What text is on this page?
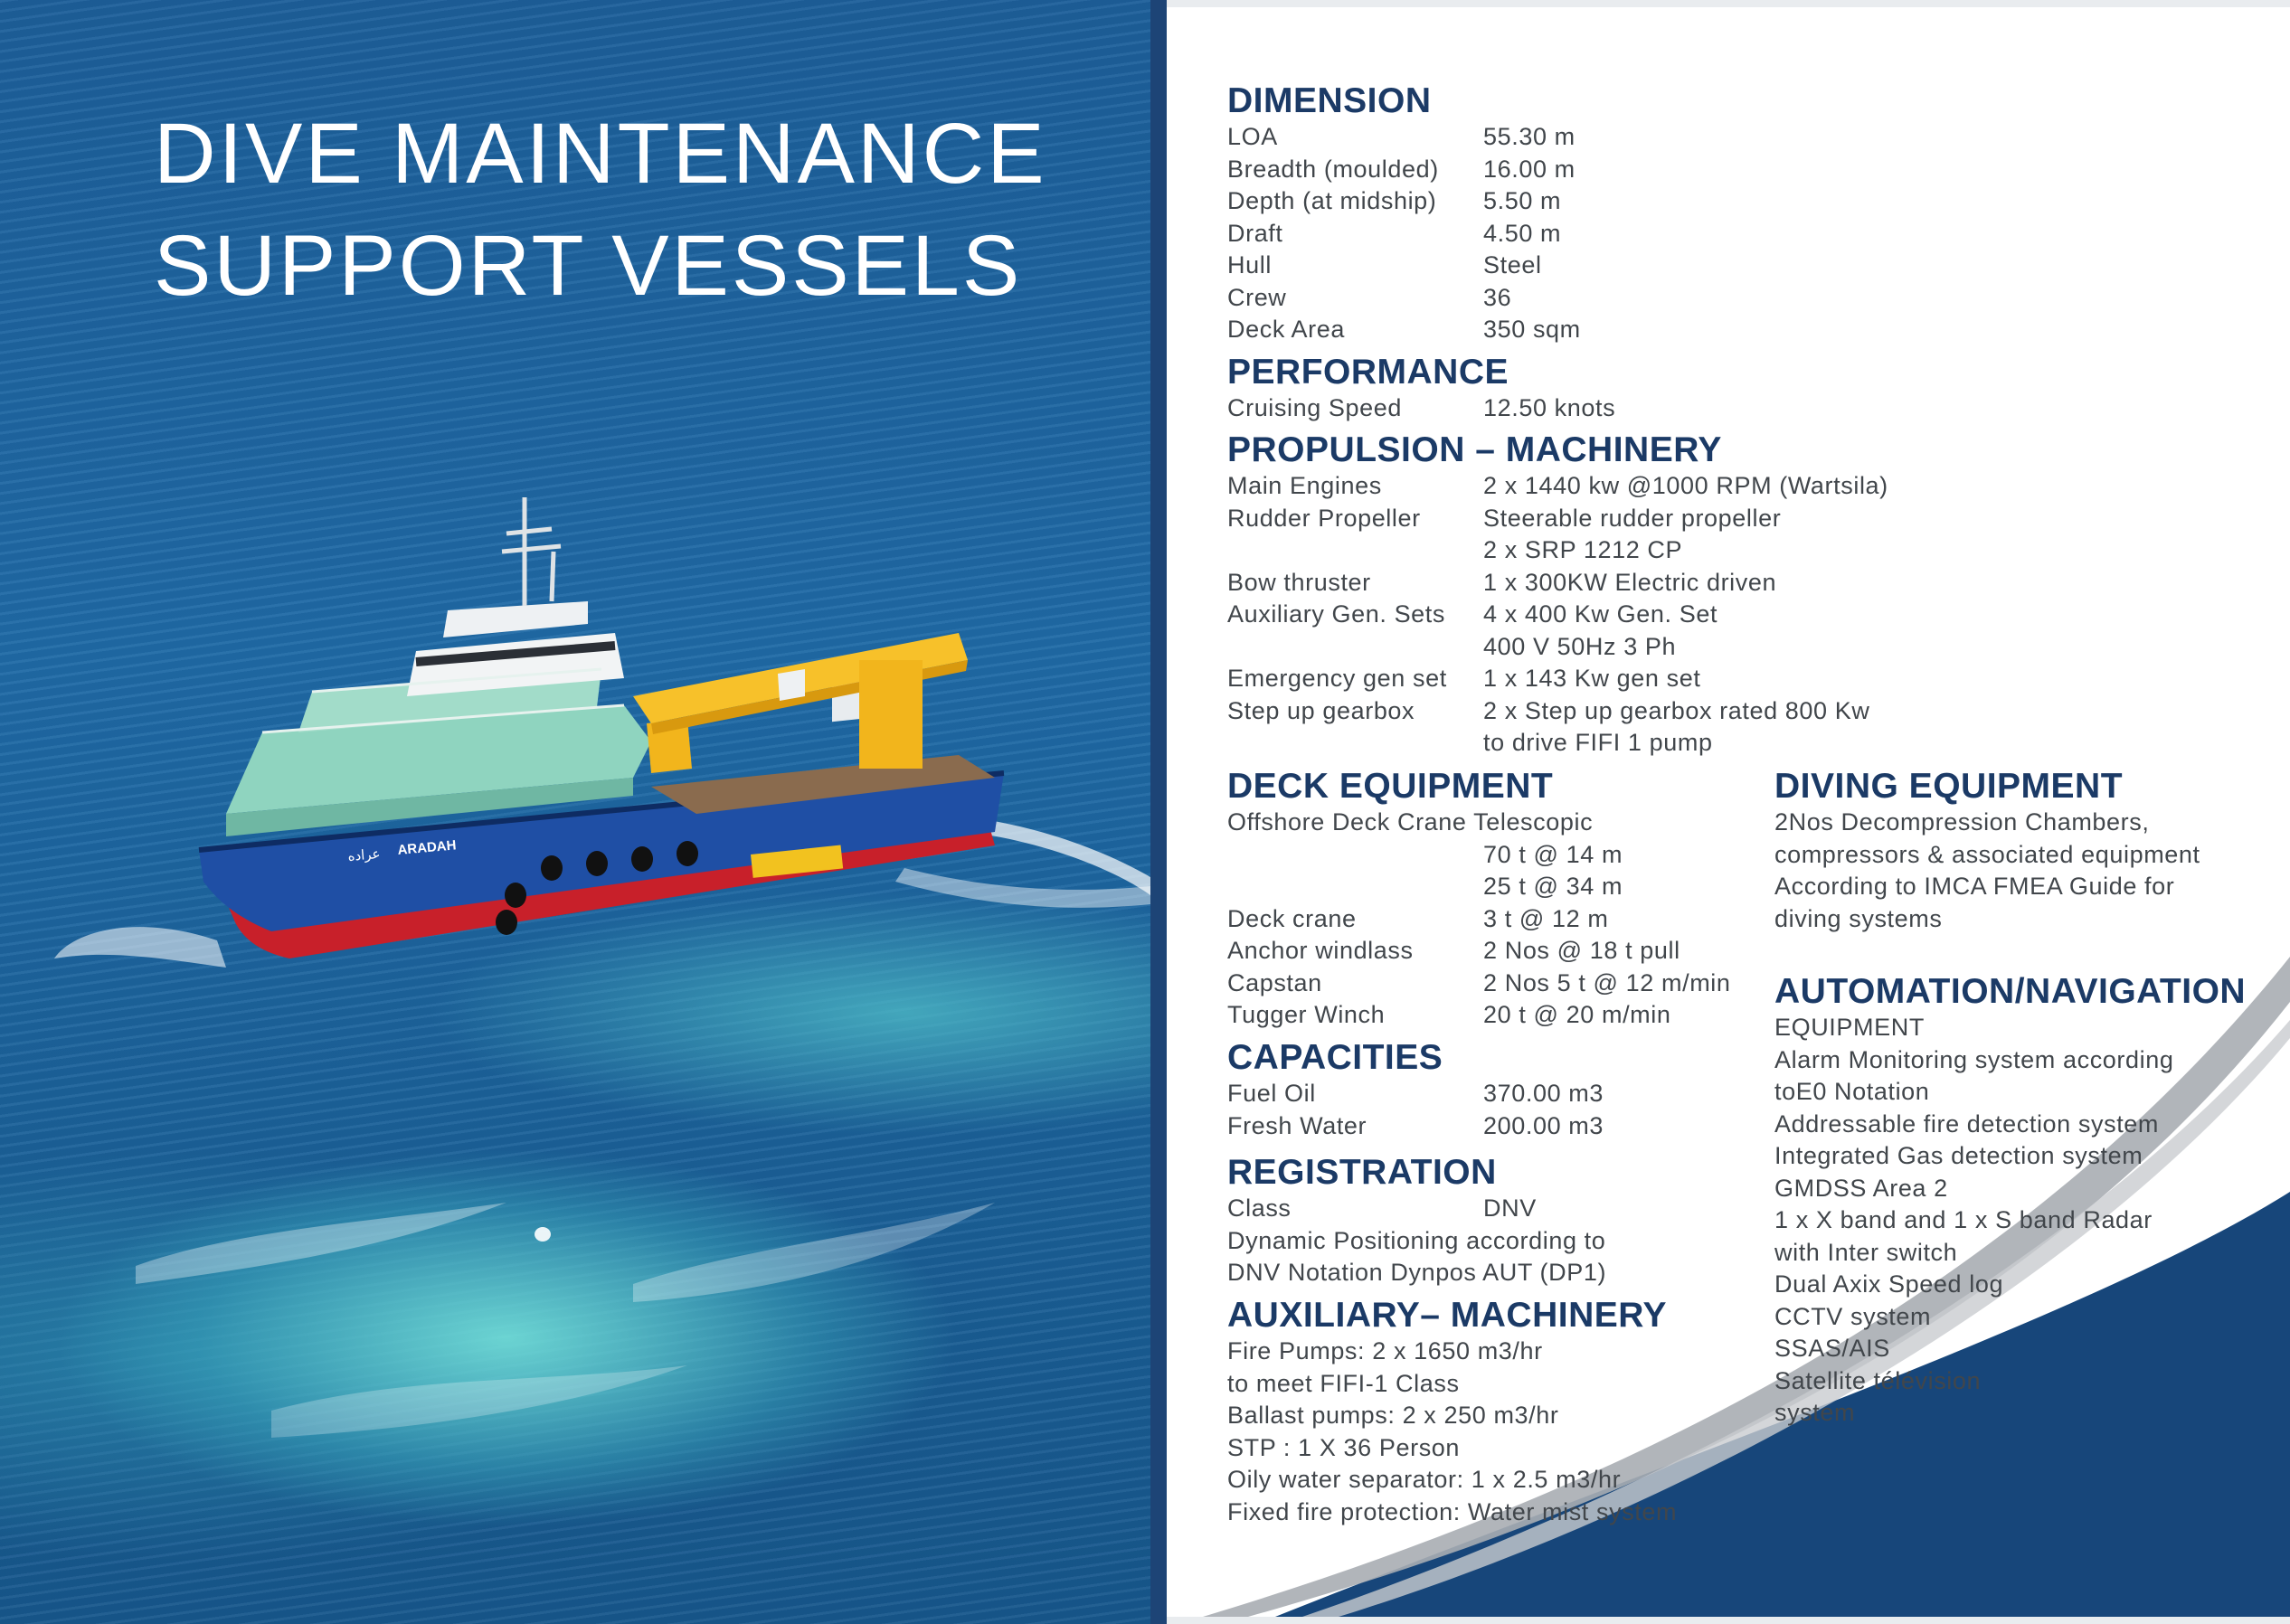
ARADAH
عراده
DIVE MAINTENANCE
SUPPORT VESSELS
DIMENSION
LOA	55.30 m
Breadth (moulded)	16.00 m
Depth (at midship)	5.50 m
Draft	4.50 m
Hull	Steel
Crew	36
Deck Area	350 sqm
PERFORMANCE
Cruising Speed	12.50 knots
PROPULSION – MACHINERY
Main Engines	2 x 1440 kw @1000 RPM (Wartsila)
Rudder Propeller	Steerable rudder propeller
2 x SRP 1212 CP
Bow thruster	1 x 300KW Electric driven
Auxiliary Gen. Sets	4 x 400 Kw Gen. Set
400 V 50Hz 3 Ph
Emergency gen set	1 x 143 Kw gen set
Step up gearbox	2 x Step up gearbox rated 800 Kw
to drive FIFI 1 pump
DECK EQUIPMENT
Offshore Deck Crane Telescopic
70 t @ 14 m
25 t @ 34 m
Deck crane	3 t @ 12 m
Anchor windlass	2 Nos @ 18 t pull
Capstan	2 Nos 5 t @ 12 m/min
Tugger Winch	20 t @ 20 m/min
CAPACITIES
Fuel Oil	370.00 m3
Fresh Water	200.00 m3
REGISTRATION
Class	DNV
Dynamic Positioning according to
DNV Notation Dynpos AUT (DP1)
AUXILIARY– MACHINERY
Fire Pumps: 2 x 1650 m3/hr
to meet FIFI-1 Class
Ballast pumps: 2 x 250 m3/hr
STP : 1 X 36 Person
Oily water separator: 1 x 2.5 m3/hr
Fixed fire protection: Water mist system
DIVING EQUIPMENT
2Nos Decompression Chambers,
compressors & associated equipment
According to IMCA FMEA Guide for
diving systems
AUTOMATION/NAVIGATION
EQUIPMENT
Alarm Monitoring system according
toE0 Notation
Addressable fire detection system
Integrated Gas detection system
GMDSS Area 2
1 x X band and 1 x S band Radar
with Inter switch
Dual Axix Speed log
CCTV system
SSAS/AIS
Satellite télévision
system
